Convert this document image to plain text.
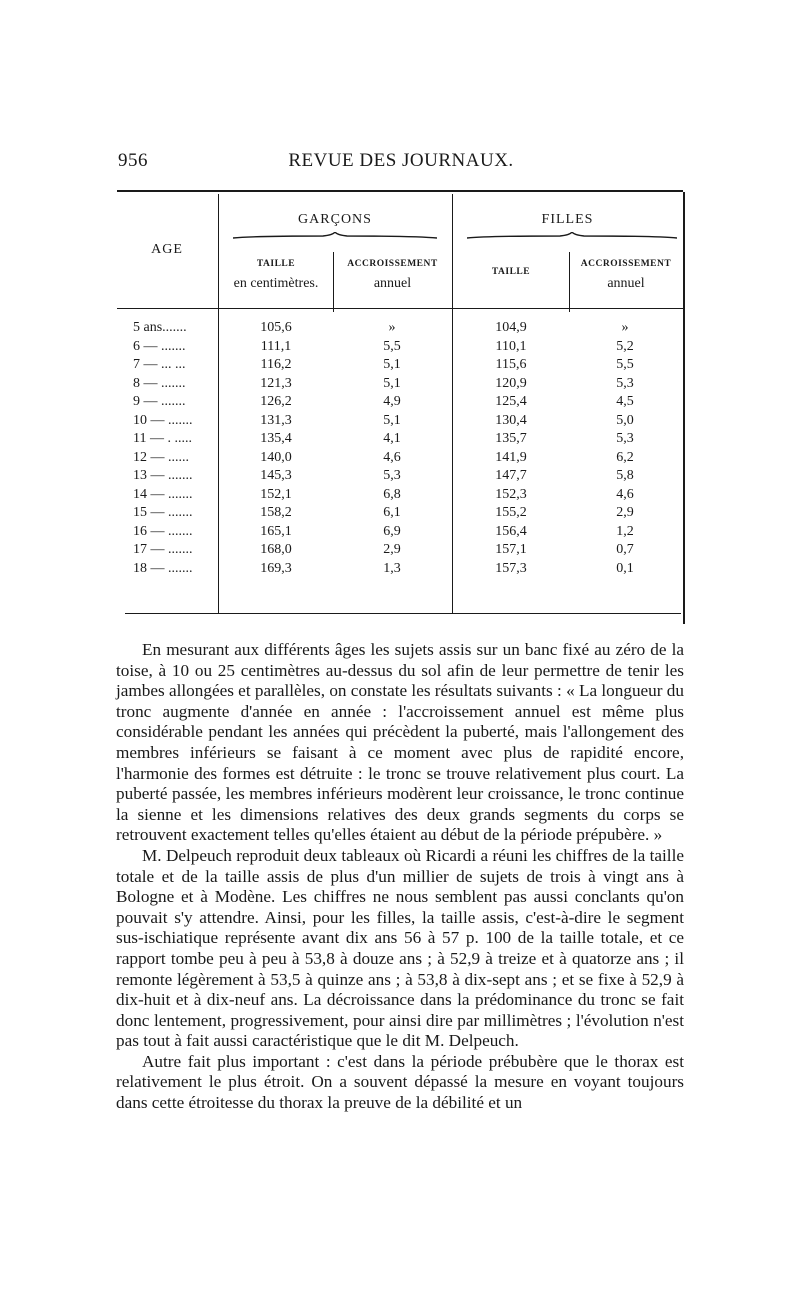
956	REVUE DES JOURNAUX.
AGE
GARÇONS	FILLES
TAILLE
en centimètres.
ACCROISSEMENT
annuel
TAILLE
ACCROISSEMENT
annuel
5 ans.......	105,6	»	104,9	»
6 — .......	111,1	5,5	110,1	5,2
7 — ... ...	116,2	5,1	115,6	5,5
8 — .......	121,3	5,1	120,9	5,3
9 — .......	126,2	4,9	125,4	4,5
10 — .......	131,3	5,1	130,4	5,0
11 — . .....	135,4	4,1	135,7	5,3
12 — ......	140,0	4,6	141,9	6,2
13 — .......	145,3	5,3	147,7	5,8
14 — .......	152,1	6,8	152,3	4,6
15 — .......	158,2	6,1	155,2	2,9
16 — .......	165,1	6,9	156,4	1,2
17 — .......	168,0	2,9	157,1	0,7
18 — .......	169,3	1,3	157,3	0,1

En mesurant aux différents âges les sujets assis sur un banc fixé au zéro de la toise, à 10 ou 25 centimètres au-dessus du sol afin de leur permettre de tenir les jambes allongées et parallèles, on constate les résultats suivants : « La longueur du tronc augmente d'année en année : l'accroissement annuel est même plus considérable pendant les années qui précèdent la puberté, mais l'allongement des membres inférieurs se faisant à ce moment avec plus de rapidité encore, l'harmonie des formes est détruite : le tronc se trouve relativement plus court. La puberté passée, les membres inférieurs modèrent leur croissance, le tronc continue la sienne et les dimensions relatives des deux grands segments du corps se retrouvent exactement telles qu'elles étaient au début de la période prépubère. »

M. Delpeuch reproduit deux tableaux où Ricardi a réuni les chiffres de la taille totale et de la taille assis de plus d'un millier de sujets de trois à vingt ans à Bologne et à Modène. Les chiffres ne nous semblent pas aussi conclants qu'on pouvait s'y attendre. Ainsi, pour les filles, la taille assis, c'est-à-dire le segment sus-ischiatique représente avant dix ans 56 à 57 p. 100 de la taille totale, et ce rapport tombe peu à peu à 53,8 à douze ans ; à 52,9 à treize et à quatorze ans ; il remonte légèrement à 53,5 à quinze ans ; à 53,8 à dix-sept ans ; et se fixe à 52,9 à dix-huit et à dix-neuf ans. La décroissance dans la prédominance du tronc se fait donc lentement, progressivement, pour ainsi dire par millimètres ; l'évolution n'est pas tout à fait aussi caractéristique que le dit M. Delpeuch.

Autre fait plus important : c'est dans la période prébubère que le thorax est relativement le plus étroit. On a souvent dépassé la mesure en voyant toujours dans cette étroitesse du thorax la preuve de la débilité et un
